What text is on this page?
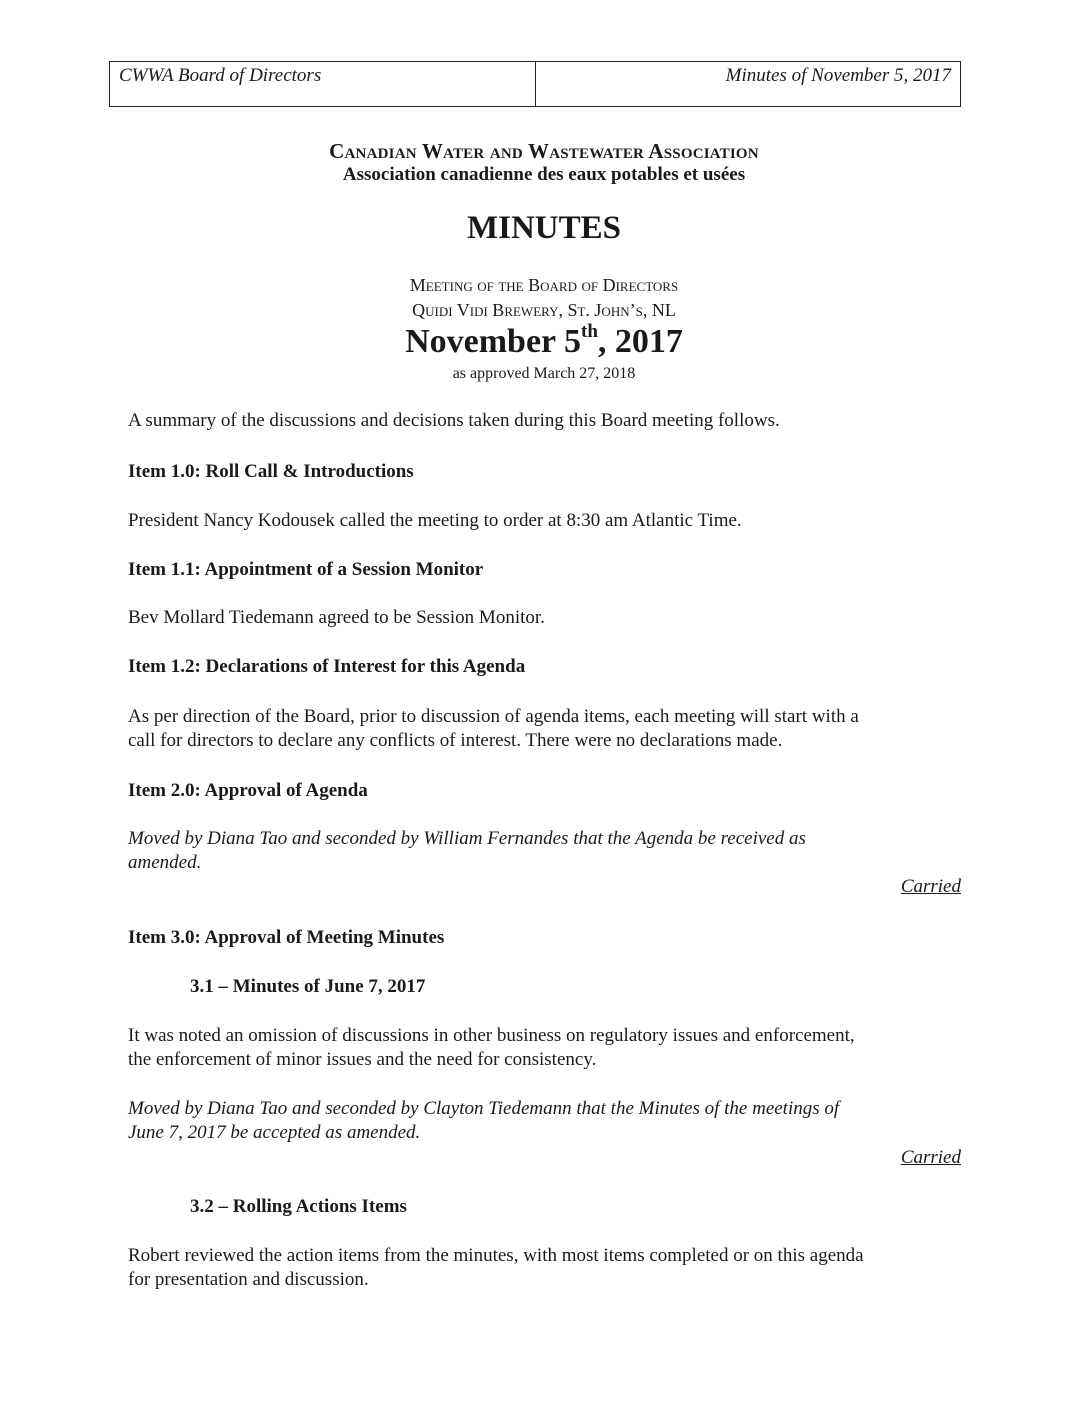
CWWA Board of Directors	Minutes of November 5, 2017
Canadian Water and Wastewater Association
Association canadienne des eaux potables et usées
MINUTES
Meeting of the Board of Directors
Quidi Vidi Brewery, St. John’s, NL
November 5th, 2017
as approved March 27, 2018
A summary of the discussions and decisions taken during this Board meeting follows.
Item 1.0: Roll Call & Introductions
President Nancy Kodousek called the meeting to order at 8:30 am Atlantic Time.
Item 1.1: Appointment of a Session Monitor
Bev Mollard Tiedemann agreed to be Session Monitor.
Item 1.2: Declarations of Interest for this Agenda
As per direction of the Board, prior to discussion of agenda items, each meeting will start with a
call for directors to declare any conflicts of interest. There were no declarations made.
Item 2.0: Approval of Agenda
Moved by Diana Tao and seconded by William Fernandes that the Agenda be received as
amended.
Carried
Item 3.0: Approval of Meeting Minutes
3.1 – Minutes of June 7, 2017
It was noted an omission of discussions in other business on regulatory issues and enforcement,
the enforcement of minor issues and the need for consistency.
Moved by Diana Tao and seconded by Clayton Tiedemann that the Minutes of the meetings of
June 7, 2017 be accepted as amended.
Carried
3.2 – Rolling Actions Items
Robert reviewed the action items from the minutes, with most items completed or on this agenda
for presentation and discussion.
